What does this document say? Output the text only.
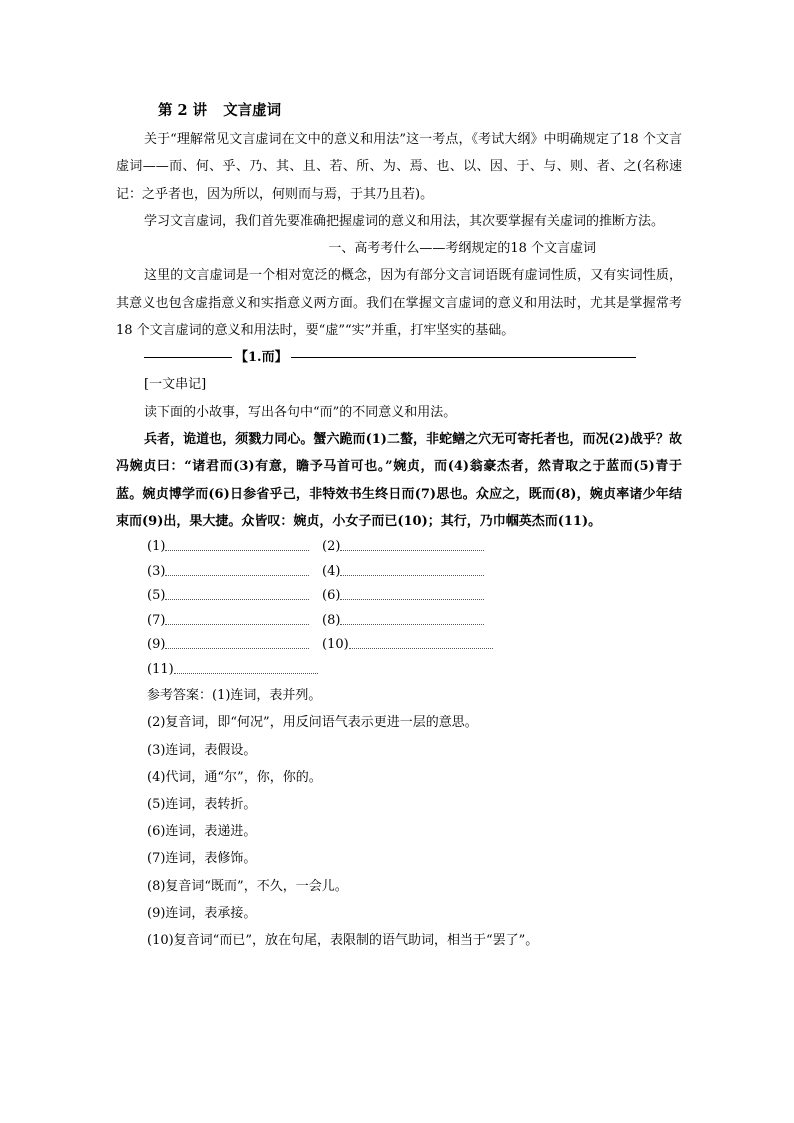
第 2 讲 文言虚词
关于“理解常见文言虚词在文中的意义和用法”这一考点，《考试大纲》中明确规定了18 个文言虚词——而、何、乎、乃、其、且、若、所、为、焉、也、以、因、于、与、则、者、之(名称速记：之乎者也，因为所以，何则而与焉，于其乃且若)。
学习文言虚词，我们首先要准确把握虚词的意义和用法，其次要掌握有关虚词的推断方法。
一、高考考什么——考纲规定的18 个文言虚词
这里的文言虚词是一个相对宽泛的概念，因为有部分文言词语既有虚词性质，又有实词性质，其意义也包含虚指意义和实指意义两方面。我们在掌握文言虚词的意义和用法时，尤其是掌握常考 18 个文言虚词的意义和用法时，要“虚”“实”并重，打牢坚实的基础。
【1.而】
[一文串记]
读下面的小故事，写出各句中“而”的不同意义和用法。
兵者，诡道也，须戮力同心。蟹六跪而(1)二螯，非蛇鳝之穴无可寄托者也，而况(2)战乎？故冯婉贞曰：“诸君而(3)有意，瞻予马首可也。”婉贞，而(4)翁豪杰者，然青取之于蓝而(5)青于蓝。婉贞博学而(6)日参省乎己，非特效书生终日而(7)思也。众应之，既而(8)，婉贞率诸少年结束而(9)出，果大捷。众皆叹：婉贞，小女子而已(10)；其行，乃巾帼英杰而(11)。
(1)	(2)
(3)	(4)
(5)	(6)
(7)	(8)
(9)	(10)
(11)
参考答案：(1)连词，表并列。
(2)复音词，即“何况”，用反问语气表示更进一层的意思。
(3)连词，表假设。
(4)代词，通“尔”，你，你的。
(5)连词，表转折。
(6)连词，表递进。
(7)连词，表修饰。
(8)复音词“既而”，不久，一会儿。
(9)连词，表承接。
(10)复音词“而已”，放在句尾，表限制的语气助词，相当于“罢了”。
